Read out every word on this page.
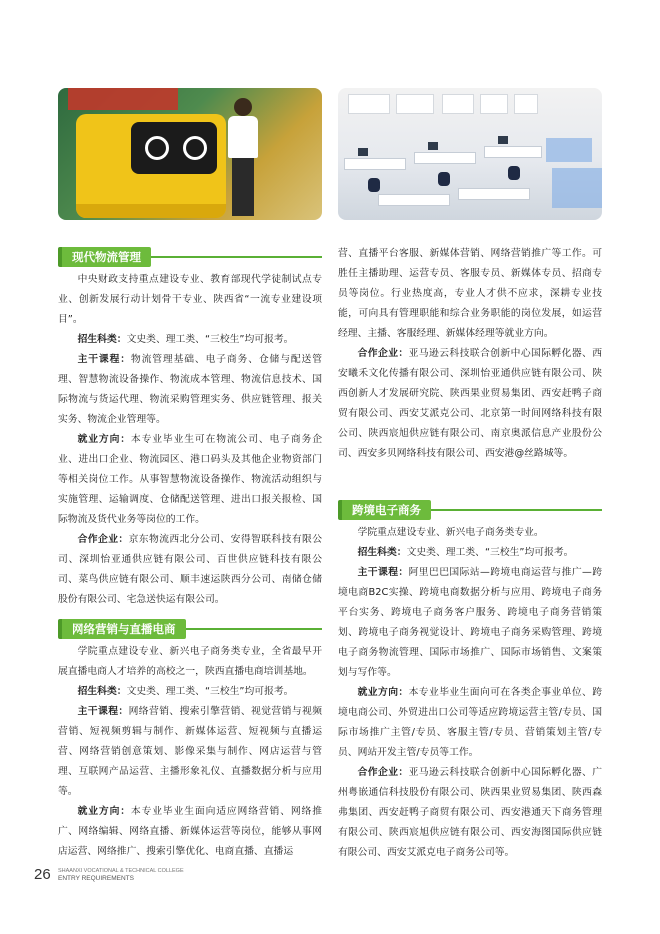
现代物流管理

中央财政支持重点建设专业、教育部现代学徒制试点专业、创新发展行动计划骨干专业、陕西省“一流专业建设项目”。

招生科类：文史类、理工类、“三校生”均可报考。

主干课程：物流管理基础、电子商务、仓储与配送管理、智慧物流设备操作、物流成本管理、物流信息技术、国际物流与货运代理、物流采购管理实务、供应链管理、报关实务、物流企业管理等。

就业方向：本专业毕业生可在物流公司、电子商务企业、进出口企业、物流园区、港口码头及其他企业物资部门等相关岗位工作。从事智慧物流设备操作、物流活动组织与实施管理、运输调度、仓储配送管理、进出口报关报检、国际物流及货代业务等岗位的工作。

合作企业：京东物流西北分公司、安得智联科技有限公司、深圳怡亚通供应链有限公司、百世供应链科技有限公司、菜鸟供应链有限公司、顺丰速运陕西分公司、南储仓储股份有限公司、宅急送快运有限公司。

网络营销与直播电商

学院重点建设专业、新兴电子商务类专业，全省最早开展直播电商人才培养的高校之一，陕西直播电商培训基地。

招生科类：文史类、理工类、“三校生”均可报考。

主干课程：网络营销、搜索引擎营销、视觉营销与视频营销、短视频剪辑与制作、新媒体运营、短视频与直播运营、网络营销创意策划、影像采集与制作、网店运营与管理、互联网产品运营、主播形象礼仪、直播数据分析与应用等。

就业方向：本专业毕业生面向适应网络营销、网络推广、网络编辑、网络直播、新媒体运营等岗位，能够从事网店运营、网络推广、搜索引擎优化、电商直播、直播运

营、直播平台客服、新媒体营销、网络营销推广等工作。可胜任主播助理、运营专员、客服专员、新媒体专员、招商专员等岗位。行业热度高，专业人才供不应求，深耕专业技能，可向具有管理职能和综合业务职能的岗位发展，如运营经理、主播、客服经理、新媒体经理等就业方向。

合作企业：亚马逊云科技联合创新中心国际孵化器、西安曦禾文化传播有限公司、深圳怡亚通供应链有限公司、陕西创新人才发展研究院、陕西果业贸易集团、西安赶鸭子商贸有限公司、西安艾派克公司、北京第一时间网络科技有限公司、陕西宸旭供应链有限公司、南京奥派信息产业股份公司、西安多贝网络科技有限公司、西安港@丝路城等。

跨境电子商务

学院重点建设专业、新兴电子商务类专业。

招生科类：文史类、理工类、“三校生”均可报考。

主干课程：阿里巴巴国际站—跨境电商运营与推广—跨境电商B2C实操、跨境电商数据分析与应用、跨境电子商务平台实务、跨境电子商务客户服务、跨境电子商务营销策划、跨境电子商务视觉设计、跨境电子商务采购管理、跨境电子商务物流管理、国际市场推广、国际市场销售、文案策划与写作等。

就业方向：本专业毕业生面向可在各类企事业单位、跨境电商公司、外贸进出口公司等适应跨境运营主管/专员、国际市场推广主管/专员、客服主管/专员、营销策划主管/专员、网站开发主管/专员等工作。

合作企业：亚马逊云科技联合创新中心国际孵化器、广州粤嵌通信科技股份有限公司、陕西果业贸易集团、陕西森弗集团、西安赶鸭子商贸有限公司、西安港通天下商务管理有限公司、陕西宸旭供应链有限公司、西安海图国际供应链有限公司、西安艾派克电子商务公司等。

26 SHAANXI VOCATIONAL & TECHNICAL COLLEGE
ENTRY REQUIREMENTS
